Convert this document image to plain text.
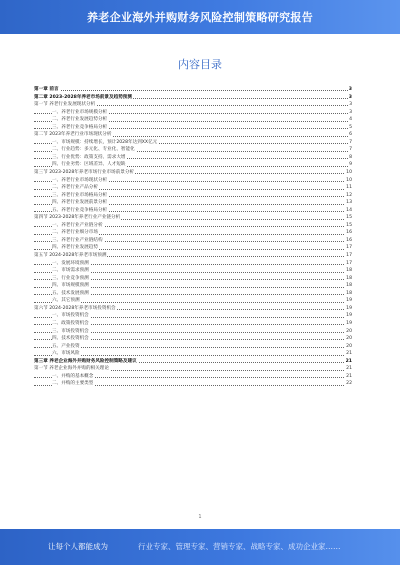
养老企业海外并购财务风险控制策略研究报告
内容目录
第一章 前言	3
第二章 2023-2028年养老市场前景及趋势预测	3
第一节 养老行业发展现状分析	3
一、养老行业市场规模分析	3
二、养老行业发展趋势分析	4
三、养老行业竞争格局分析	5
第二节 2023年养老行业市场现状分析	6
一、市场规模：持续增长，预计2028年达到XX亿元	7
二、行业趋势：多元化、专业化、智能化	7
三、行业优势：政策支持、需求大增	8
四、行业劣势：区域差异、人才短缺	9
第三节 2023-2028年养老市场行业市场前景分析	10
一、养老行业市场现状分析	10
二、养老行业产品分析	11
三、养老行业市场格局分析	12
四、养老行业发展前景分析	13
五、养老行业竞争格局分析	14
第四节 2023-2028年养老行业产业链分析	15
一、养老行业产业链分析	15
二、养老行业细分市场	16
三、养老行业产业链结构	16
四、养老行业发展趋势	17
第五节 2024-2028年养老市场预测	17
一、发展环境预测	17
二、市场需求预测	18
三、行业竞争预测	18
四、市场规模预测	18
五、技术发展预测	18
六、其它预测	19
第六节 2024-2028年养老市场投资机会	19
一、市场投资机会	19
二、政策投资机会	19
三、市场投资机会	20
四、技术投资机会	20
五、产业投资	20
六、市场风险	21
第三章 养老企业海外并购财务风险控制策略及建议	21
第一节 养老企业海外并购的相关理论	21
一、并购的基本概念	21
二、并购的主要类型	22
1
让每个人都能成为	行业专家、管理专家、营销专家、战略专家、成功企业家……
